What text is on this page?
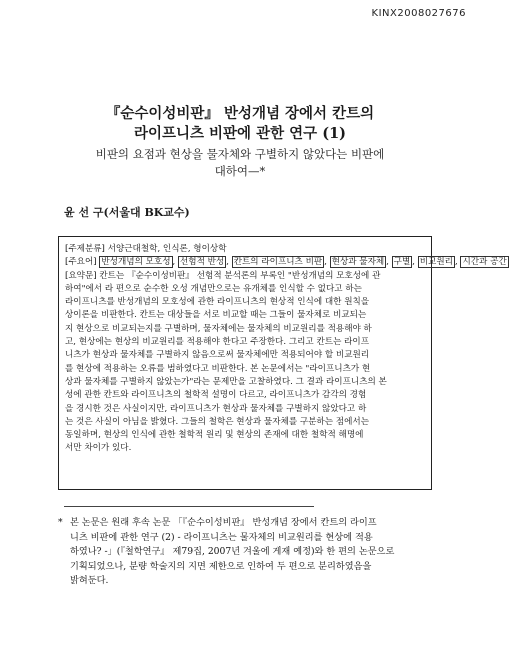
KINX2008027676
『순수이성비판』 반성개념 장에서 칸트의
라이프니츠 비판에 관한 연구 (1)
비판의 요점과 현상을 물자체와 구별하지 않았다는 비판에
대하여—*
윤 선 구(서울대 BK교수)
[주제분류] 서양근대철학, 인식론, 형이상학
[주요어] 반성개념의 모호성 , 선험적 반성 , 칸트의 라이프니츠 비판 , 현상과 물자체 , 구별 , 비교원리 , 시간과 공간
[요약문] 칸트는 『순수이성비판』 선험적 분석론의 부록인 "반성개념의 모호성에 관
하여"에서 라 편으로 순수한 오성 개념만으로는 유개체를 인식할 수 없다고 하는
라이프니츠를 반성개념의 모호성에 관한 라이프니츠의 현상적 인식에 대한 원칙을
상이론을 비판한다. 칸트는 대상들을 서로 비교할 때는 그들이 물자체로 비교되는
지 현상으로 비교되는지를 구별하며, 물자체에는 물자체의 비교원리를 적용해야 하
고, 현상에는 현상의 비교원리를 적용해야 한다고 주장한다. 그리고 칸트는 라이프
니츠가 현상과 물자체를 구별하지 않음으로써 물자체에만 적용되어야 할 비교원리
를 현상에 적용하는 오류를 범하였다고 비판한다. 본 논문에서는 "라이프니츠가 현
상과 물자체를 구별하지 않았는가"라는 문제만을 고찰하였다. 그 결과 라이프니츠의 본
성에 관한 칸트와 라이프니츠의 철학적 설명이 다르고, 라이프니츠가 감각의 경험
을 경시한 것은 사실이지만, 라이프니츠가 현상과 물자체를 구별하지 않았다고 하
는 것은 사실이 아님을 밝혔다. 그들의 철학은 현상과 물자체를 구분하는 점에서는
동일하며, 현상의 인식에 관한 철학적 원리 및 현상의 존재에 대한 철학적 해명에
서만 차이가 있다.
* 본 논문은 원래 후속 논문 「『순수이성비판』 반성개념 장에서 칸트의 라이프
니츠 비판에 관한 연구 (2) - 라이프니츠는 물자체의 비교원리를 현상에 적용
하였나? -」(『철학연구』 제79집, 2007년 겨울에 게재 예정)와 한 편의 논문으로
기획되었으나, 분량 학술지의 지면 제한으로 인하여 두 편으로 분리하였음을
밝혀둔다.
